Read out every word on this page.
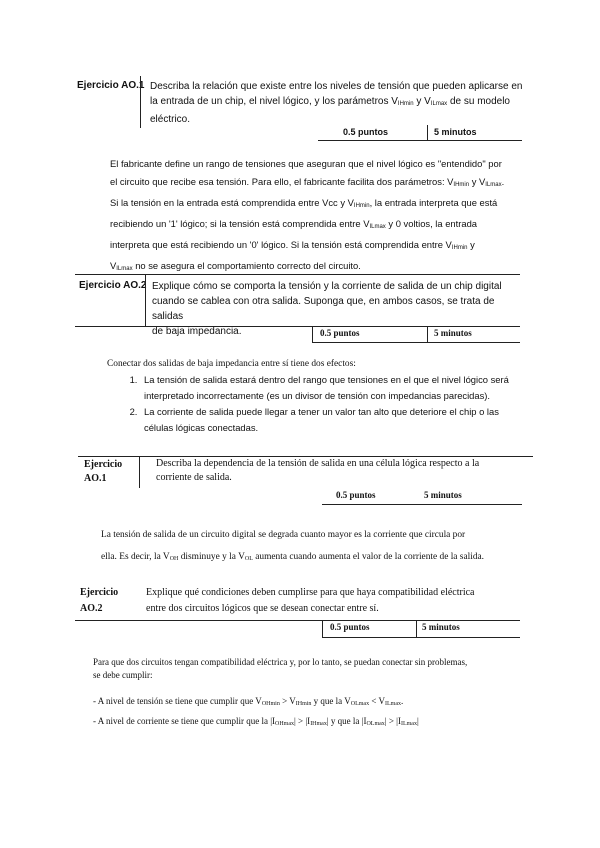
Ejercicio AO.1 Describa la relación que existe entre los niveles de tensión que pueden aplicarse en
la entrada de un chip, el nivel lógico, y los parámetros $V_{IHmin}$ y $V_{ILmax}$ de su modelo
eléctrico.
0.5 puntos	5 minutos
El fabricante define un rango de tensiones que aseguran que el nivel lógico es "entendido" por
el circuito que recibe esa tensión. Para ello, el fabricante facilita dos parámetros: $V_{IHmin}$ y $V_{ILmax}$.
Si la tensión en la entrada está comprendida entre Vcc y $V_{IHmin}$, la entrada interpreta que está
recibiendo un '1' lógico; si la tensión está comprendida entre $V_{ILmax}$ y 0 voltios, la entrada
interpreta que está recibiendo un '0' lógico. Si la tensión está comprendida entre $V_{IHmin}$ y
$V_{ILmax}$ no se asegura el comportamiento correcto del circuito.
Ejercicio AO.2 Explique cómo se comporta la tensión y la corriente de salida de un chip digital
cuando se cablea con otra salida. Suponga que, en ambos casos, se trata de salidas
de baja impedancia.	0.5 puntos	5 minutos
Conectar dos salidas de baja impedancia entre sí tiene dos efectos:
1. La tensión de salida estará dentro del rango que tensiones en el que el nivel lógico será
interpretado incorrectamente (es un divisor de tensión con impedancias parecidas).
2. La corriente de salida puede llegar a tener un valor tan alto que deteriore el chip o las
células lógicas conectadas.
Ejercicio
AO.1
Describa la dependencia de la tensión de salida en una célula lógica respecto a la
corriente de salida.
0.5 puntos	5 minutos
La tensión de salida de un circuito digital se degrada cuanto mayor es la corriente que circula por
ella. Es decir, la $V_{OH}$ disminuye y la $V_{OL}$ aumenta cuando aumenta el valor de la corriente de la salida.
Ejercicio
AO.2
Explique qué condiciones deben cumplirse para que haya compatibilidad eléctrica
entre dos circuitos lógicos que se desean conectar entre sí.
0.5 puntos	5 minutos
Para que dos circuitos tengan compatibilidad eléctrica y, por lo tanto, se puedan conectar sin problemas,
se debe cumplir:
- A nivel de tensión se tiene que cumplir que $V_{OHmin} > V_{IHmin}$ y que la $V_{OLmax} < V_{ILmax}$.
- A nivel de corriente se tiene que cumplir que la $|I_{OHmax}| > |I_{IHmax}|$ y que la $|I_{OLmax}| > |I_{ILmax}|$
